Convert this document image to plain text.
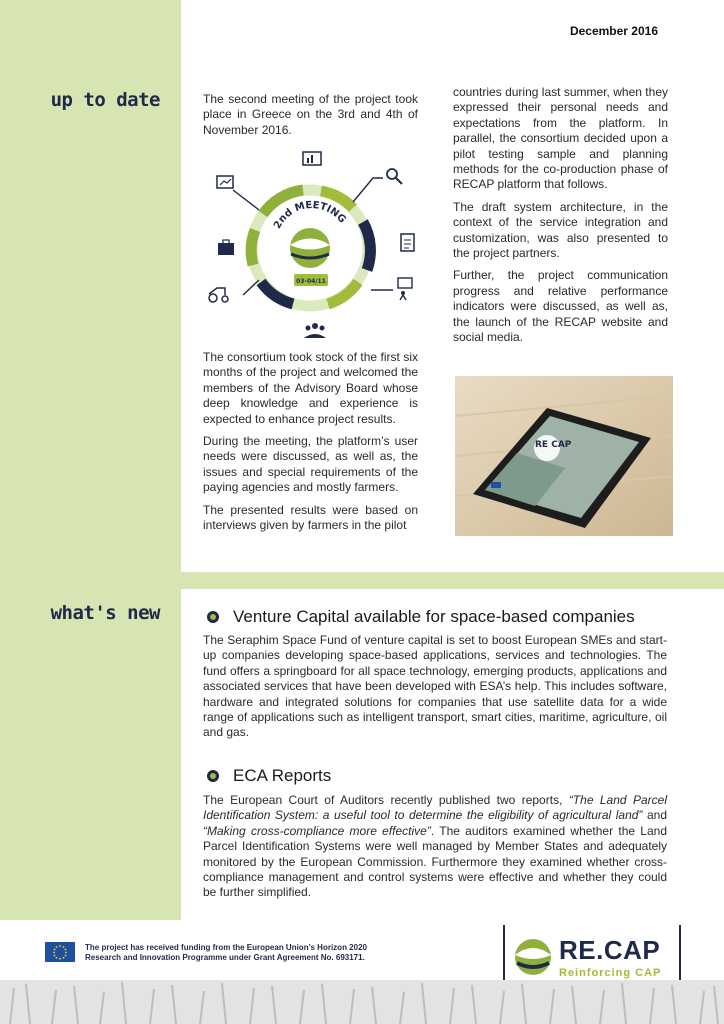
December 2016
up to date
what's new

The second meeting of the project took place in Greece on the 3rd and 4th of November 2016.

2nd MEETING
03-04/11

The consortium took stock of the first six months of the project and welcomed the members of the Advisory Board whose deep knowledge and experience is expected to enhance project results.

During the meeting, the platform’s user needs were discussed, as well as, the issues and special requirements of the paying agencies and mostly farmers.

The presented results were based on interviews given by farmers in the pilot

countries during last summer, when they expressed their personal needs and expectations from the platform. In parallel, the consortium decided upon a pilot testing sample and planning methods for the co-production phase of RECAP platform that follows.

The draft system architecture, in the context of the service integration and customization, was also presented to the project partners.

Further, the project communication progress and relative performance indicators were discussed, as well as, the launch of the RECAP website and social media.

RE CAP
Venture Capital available for space-based companies
The Seraphim Space Fund of venture capital is set to boost European SMEs and start-up companies developing space-based applications, services and technologies. The fund offers a springboard for all space technology, emerging products, applications and associated services that have been developed with ESA’s help. This includes software, hardware and integrated solutions for companies that use satellite data for a wide range of applications such as intelligent transport, smart cities, maritime, agriculture, oil and gas.
ECA Reports
The European Court of Auditors recently published two reports, “The Land Parcel Identification System: a useful tool to determine the eligibility of agricultural land” and “Making cross-compliance more effective”. The auditors examined whether the Land Parcel Identification Systems were well managed by Member States and adequately monitored by the European Commission. Furthermore they examined whether cross-compliance management and control systems were effective and whether they could be further simplified.
The project has received funding from the European Union’s Horizon 2020
Research and Innovation Programme under Grant Agreement No. 693171.	RE.CAP
Reinforcing CAP
